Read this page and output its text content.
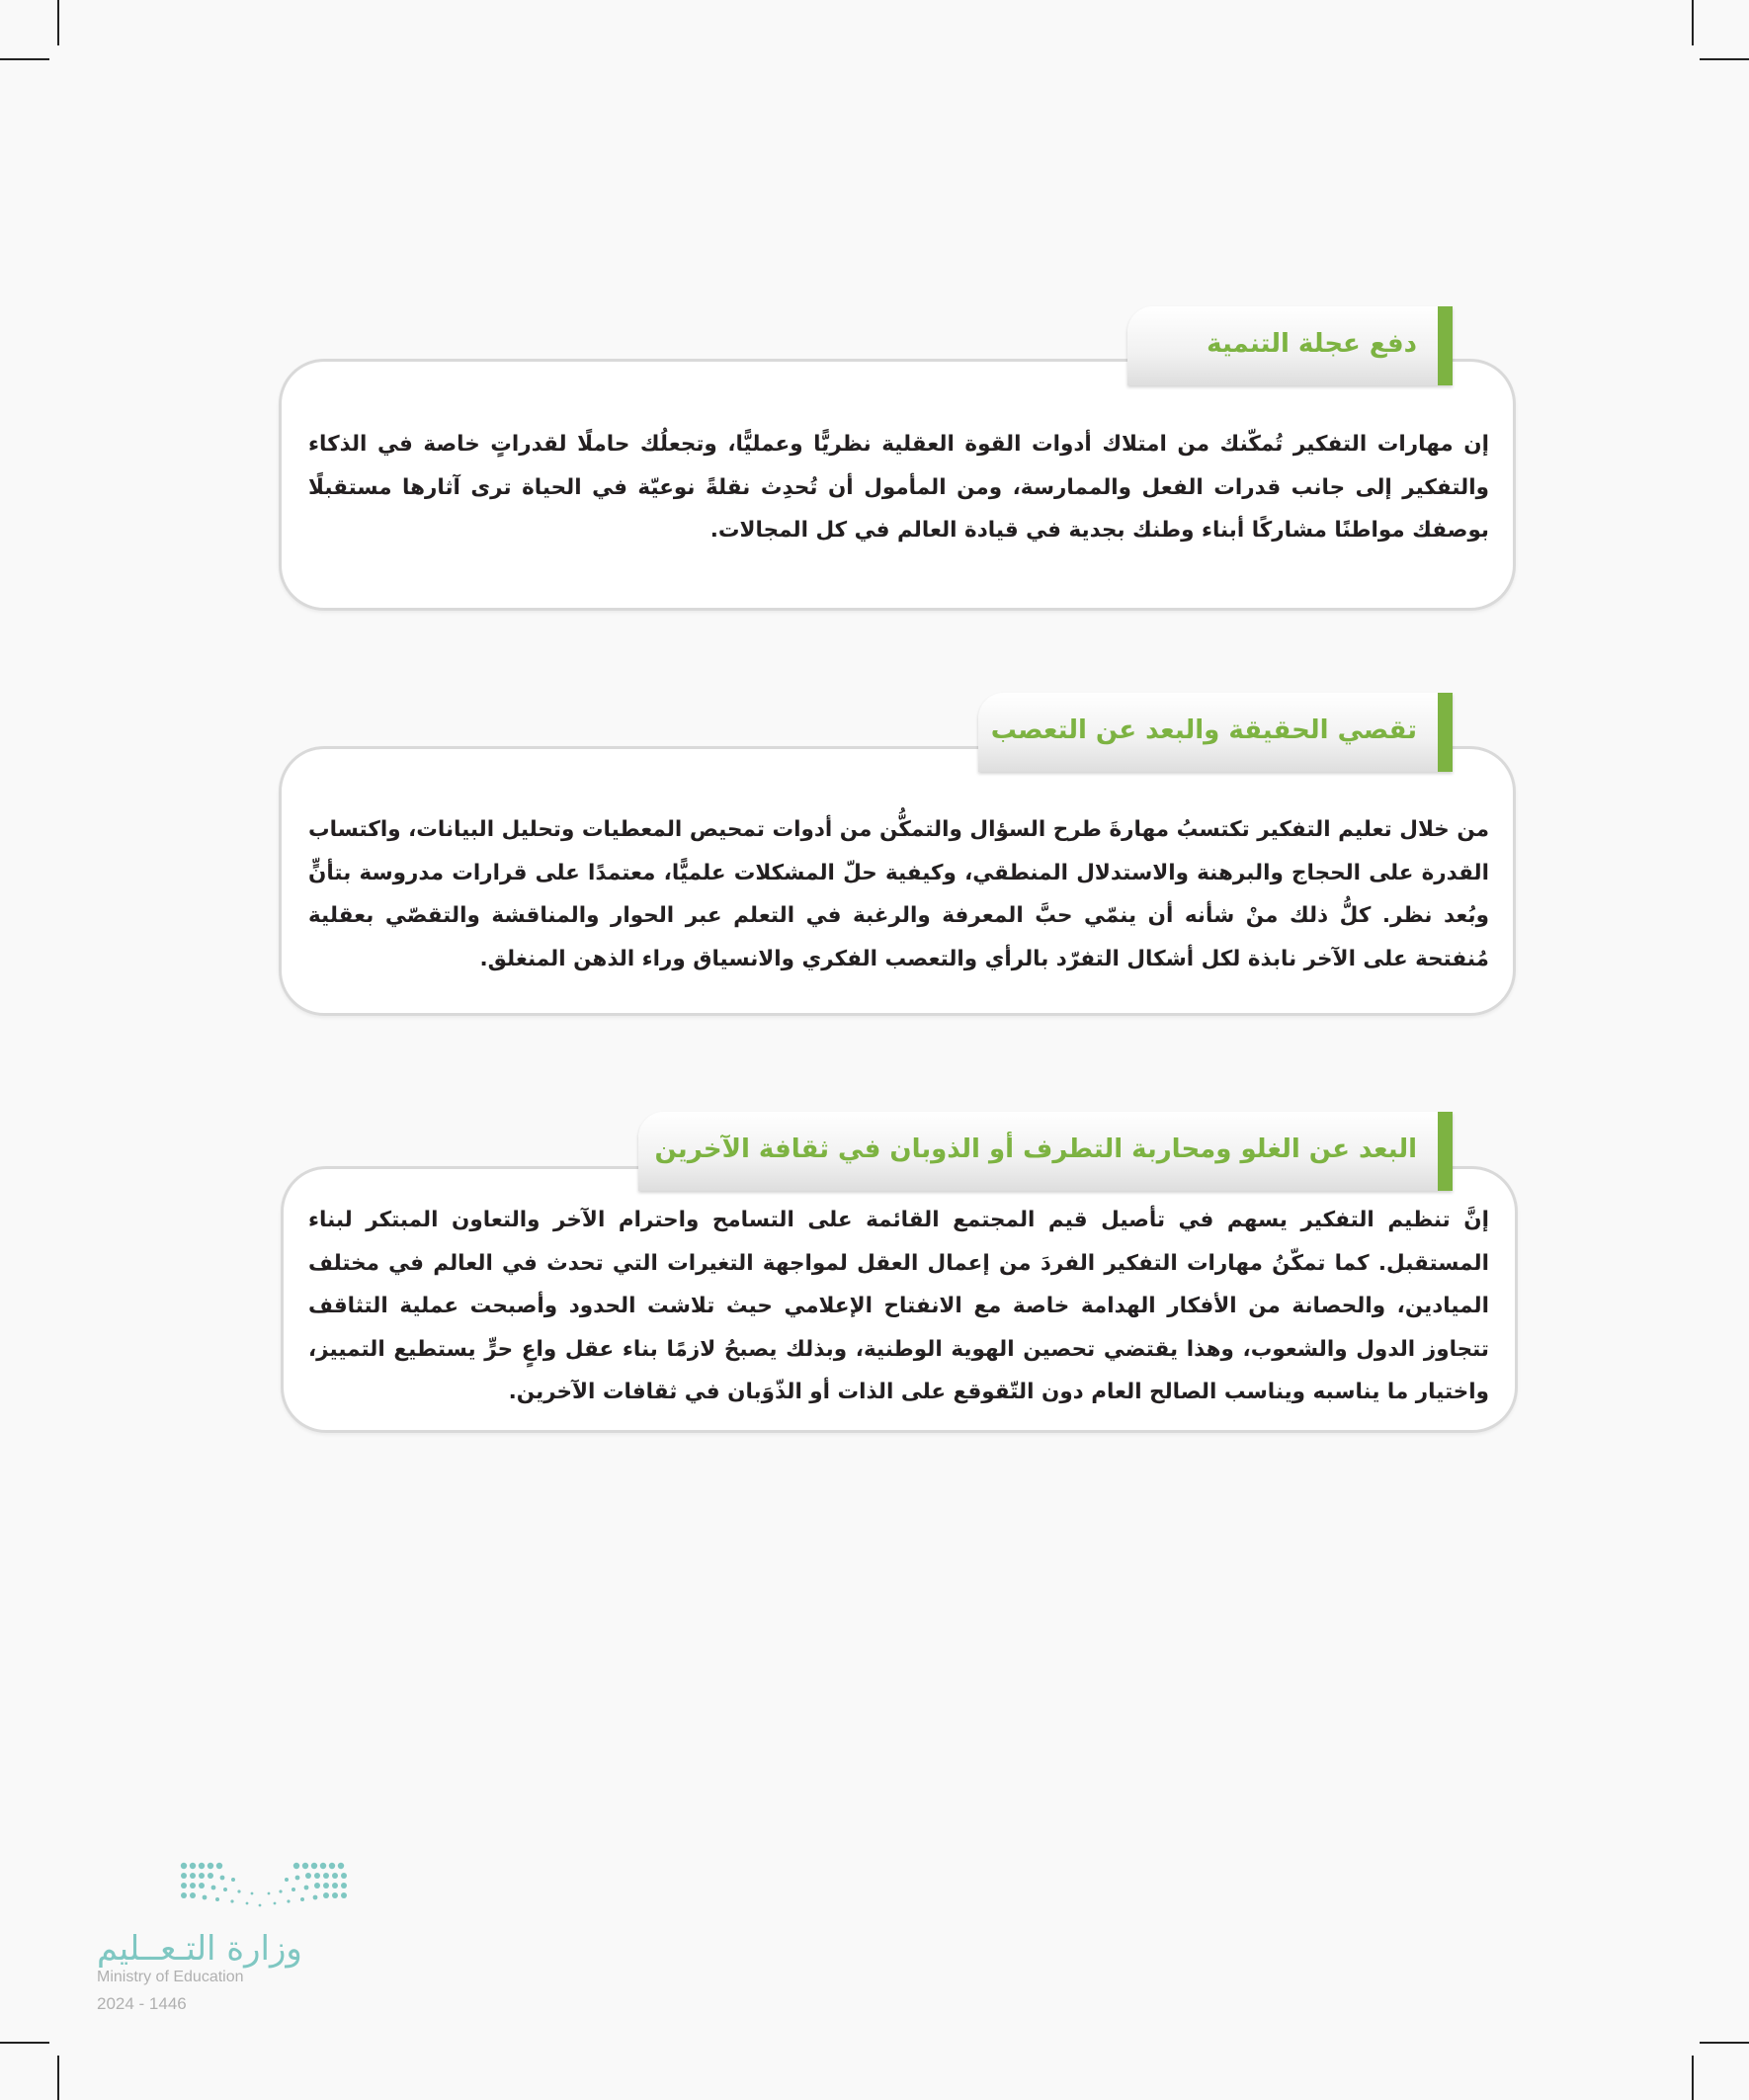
إن مهارات التفكير تُمكّنك من امتلاك أدوات القوة العقلية نظريًّا وعمليًّا، وتجعلُك حاملًا لقدراتٍ خاصة في الذكاء والتفكير إلى جانب قدرات الفعل والممارسة، ومن المأمول أن تُحدِث نقلةً نوعيّة في الحياة ترى آثارها مستقبلًا بوصفك مواطنًا مشاركًا أبناء وطنك بجدية في قيادة العالم في كل المجالات.

دفع عجلة التنمية

من خلال تعليم التفكير تكتسبُ مهارةَ طرح السؤال والتمكُّن من أدوات تمحيص المعطيات وتحليل البيانات، واكتساب القدرة على الحجاج والبرهنة والاستدلال المنطقي، وكيفية حلّ المشكلات علميًّا، معتمدًا على قرارات مدروسة بتأنٍّ وبُعد نظر. كلُّ ذلك منْ شأنه أن ينمّي حبَّ المعرفة والرغبة في التعلم عبر الحوار والمناقشة والتقصّي بعقلية مُنفتحة على الآخر نابذة لكل أشكال التفرّد بالرأي والتعصب الفكري والانسياق وراء الذهن المنغلق.

تقصي الحقيقة والبعد عن التعصب

إنَّ تنظيم التفكير يسهم في تأصيل قيم المجتمع القائمة على التسامح واحترام الآخر والتعاون المبتكر لبناء المستقبل. كما تمكّنُ مهارات التفكير الفردَ من إعمال العقل لمواجهة التغيرات التي تحدث في العالم في مختلف الميادين، والحصانة من الأفكار الهدامة خاصة مع الانفتاح الإعلامي حيث تلاشت الحدود وأصبحت عملية التثاقف تتجاوز الدول والشعوب، وهذا يقتضي تحصين الهوية الوطنية، وبذلك يصبحُ لازمًا بناء عقل واعٍ حرٍّ يستطيع التمييز، واختيار ما يناسبه ويناسب الصالح العام دون التّقوقع على الذات أو الذّوَبان في ثقافات الآخرين.

البعد عن الغلو ومحاربة التطرف أو الذوبان في ثقافة الآخرين
وزارة التـعــليم
Ministry of Education
2024 - 1446
